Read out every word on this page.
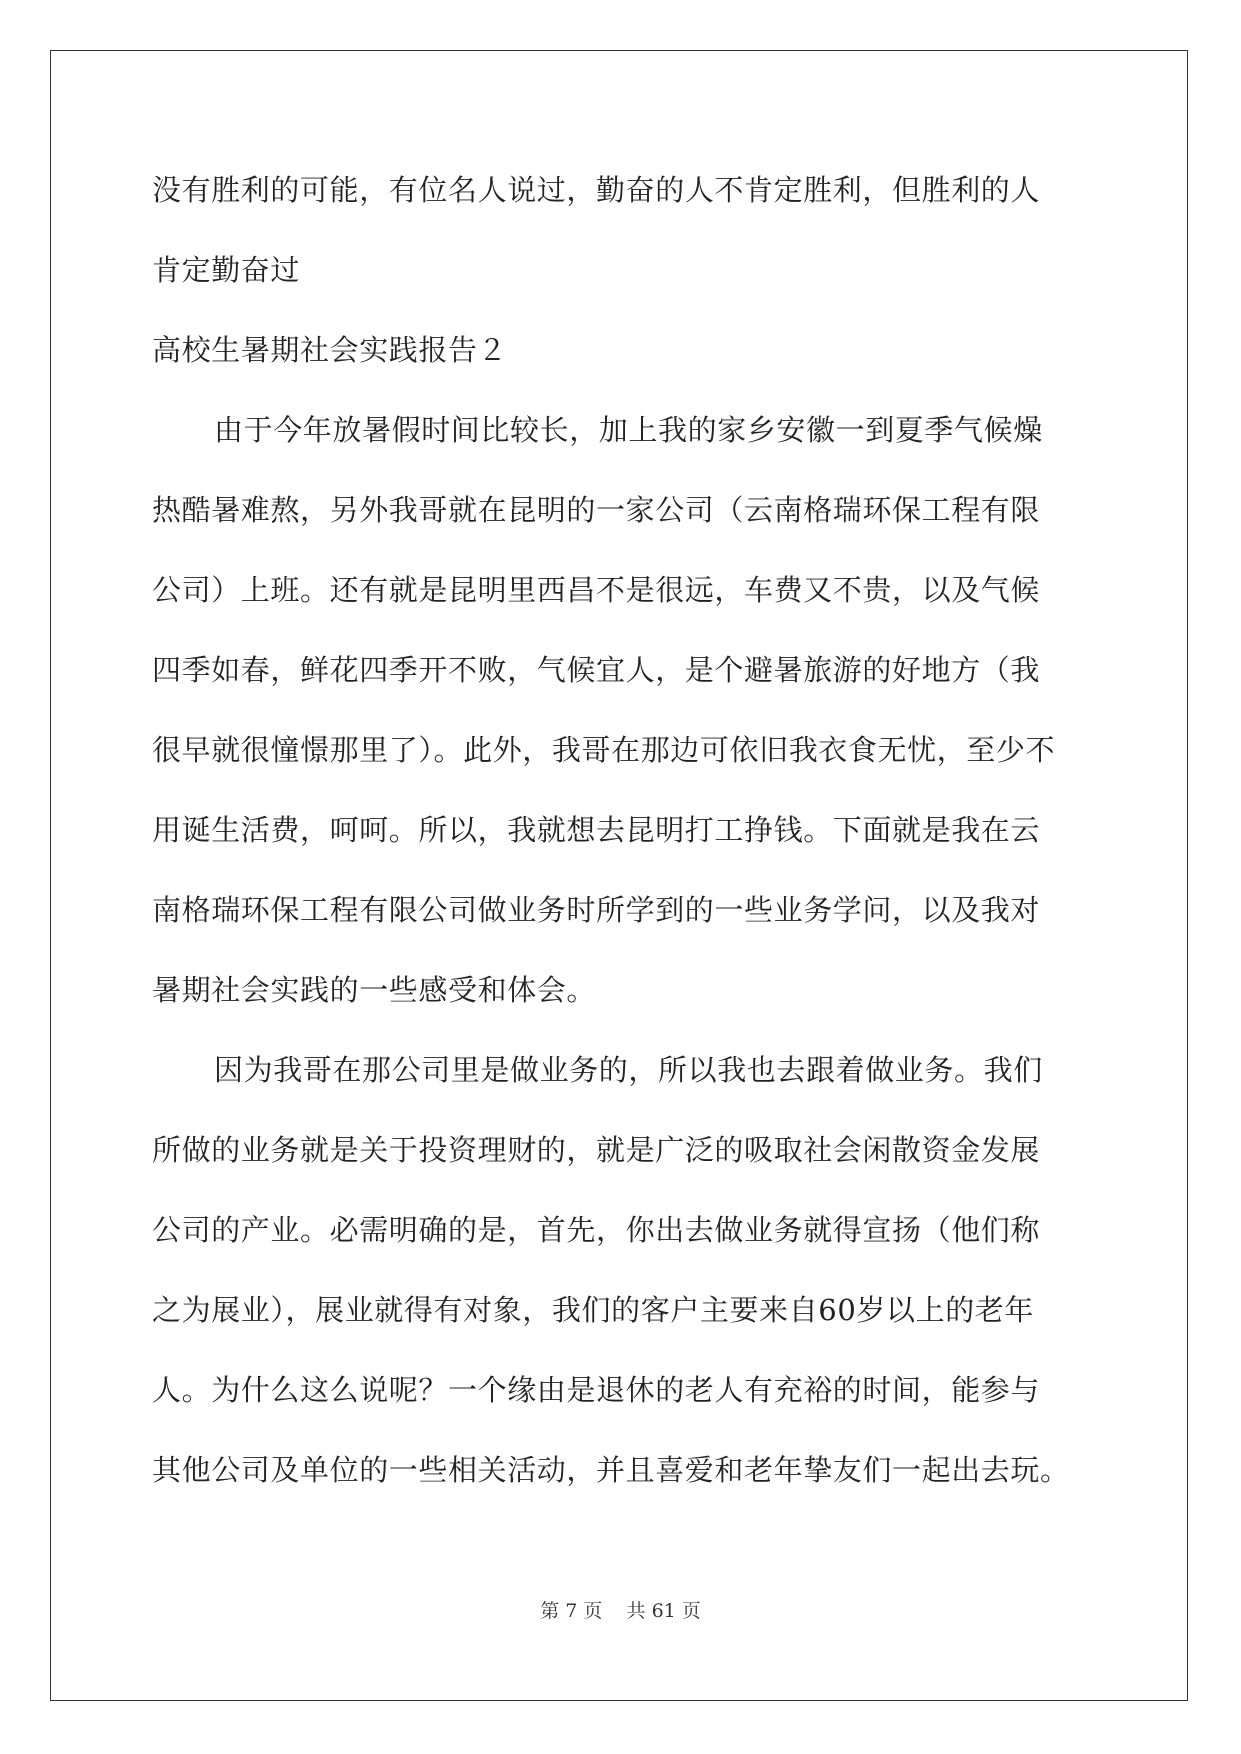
没有胜利的可能，有位名人说过，勤奋的人不肯定胜利，但胜利的人
肯定勤奋过
高校生暑期社会实践报告２
由于今年放暑假时间比较长，加上我的家乡安徽一到夏季气候燥
热酷暑难熬，另外我哥就在昆明的一家公司（云南格瑞环保工程有限
公司）上班。还有就是昆明里西昌不是很远，车费又不贵，以及气候
四季如春，鲜花四季开不败，气候宜人，是个避暑旅游的好地方（我
很早就很憧憬那里了）。此外，我哥在那边可依旧我衣食无忧，至少不
用诞生活费，呵呵。所以，我就想去昆明打工挣钱。下面就是我在云
南格瑞环保工程有限公司做业务时所学到的一些业务学问，以及我对
暑期社会实践的一些感受和体会。
因为我哥在那公司里是做业务的，所以我也去跟着做业务。我们
所做的业务就是关于投资理财的，就是广泛的吸取社会闲散资金发展
公司的产业。必需明确的是，首先，你出去做业务就得宣扬（他们称
之为展业），展业就得有对象，我们的客户主要来自60岁以上的老年
人。为什么这么说呢？一个缘由是退休的老人有充裕的时间，能参与
其他公司及单位的一些相关活动，并且喜爱和老年挚友们一起出去玩。
第 7 页    共 61 页
